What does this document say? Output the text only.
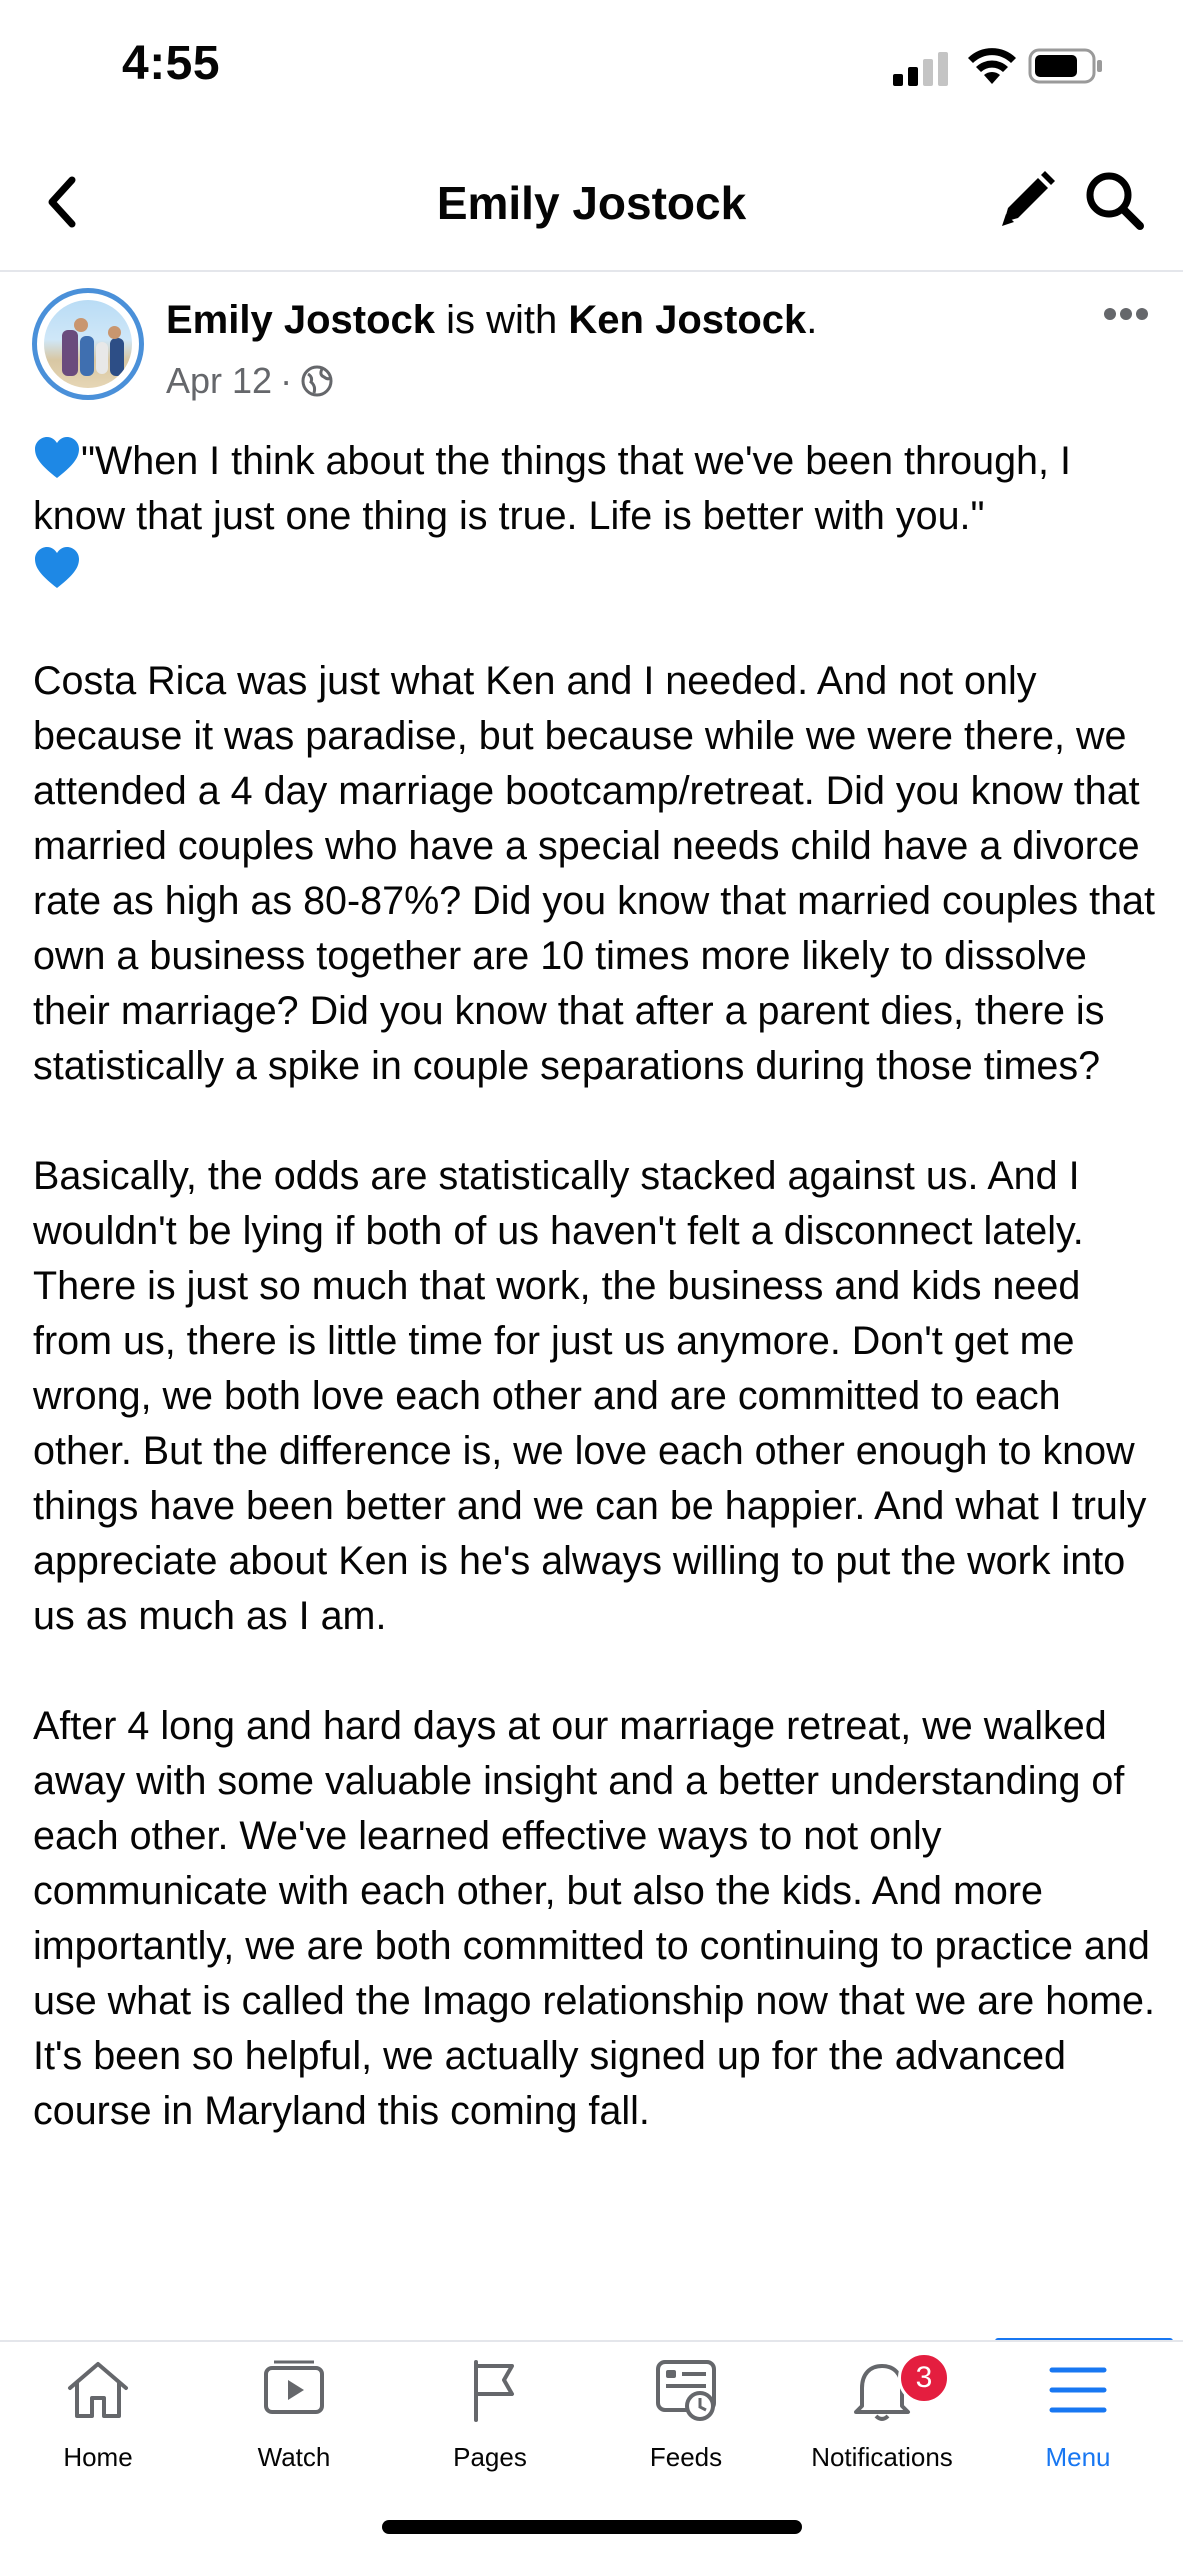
4:55
Emily Jostock
Emily Jostock is with Ken Jostock.
Apr 12 ·

"When I think about the things that we've been through, I know that just one thing is true. Life is better with you."

Costa Rica was just what Ken and I needed. And not only because it was paradise, but because while we were there, we attended a 4 day marriage bootcamp/retreat. Did you know that married couples who have a special needs child have a divorce rate as high as 80-87%? Did you know that married couples that own a business together are 10 times more likely to dissolve their marriage? Did you know that after a parent dies, there is statistically a spike in couple separations during those times?

Basically, the odds are statistically stacked against us. And I wouldn't be lying if both of us haven't felt a disconnect lately. There is just so much that work, the business and kids need from us, there is little time for just us anymore. Don't get me wrong, we both love each other and are committed to each other. But the difference is, we love each other enough to know things have been better and we can be happier. And what I truly appreciate about Ken is he's always willing to put the work into us as much as I am.

After 4 long and hard days at our marriage retreat, we walked away with some valuable insight and a better understanding of each other. We've learned effective ways to not only communicate with each other, but also the kids. And more importantly, we are both committed to continuing to practice and use what is called the Imago relationship now that we are home. It's been so helpful, we actually signed up for the advanced course in Maryland this coming fall.

Home	Watch	Pages	Feeds
3
Notifications	Menu
